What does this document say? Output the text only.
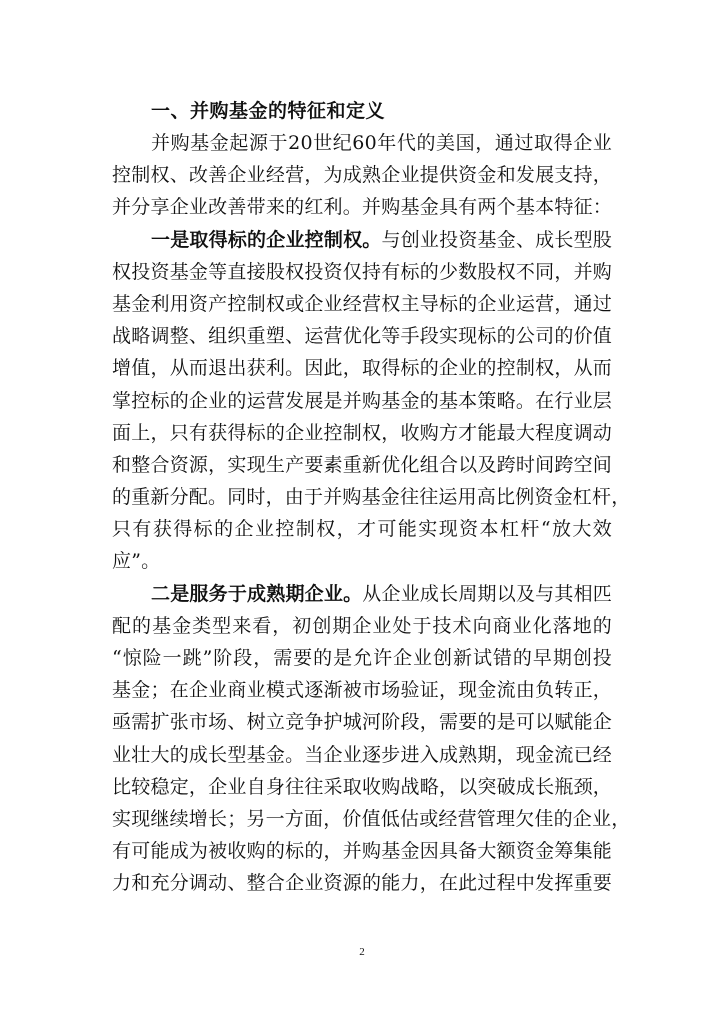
一、并购基金的特征和定义
并购基金起源于20世纪60年代的美国，通过取得企业
控制权、改善企业经营，为成熟企业提供资金和发展支持，
并分享企业改善带来的红利。并购基金具有两个基本特征：
一是取得标的企业控制权。与创业投资基金、成长型股
权投资基金等直接股权投资仅持有标的少数股权不同，并购
基金利用资产控制权或企业经营权主导标的企业运营，通过
战略调整、组织重塑、运营优化等手段实现标的公司的价值
增值，从而退出获利。因此，取得标的企业的控制权，从而
掌控标的企业的运营发展是并购基金的基本策略。在行业层
面上，只有获得标的企业控制权，收购方才能最大程度调动
和整合资源，实现生产要素重新优化组合以及跨时间跨空间
的重新分配。同时，由于并购基金往往运用高比例资金杠杆，
只有获得标的企业控制权，才可能实现资本杠杆“放大效
应”。
二是服务于成熟期企业。从企业成长周期以及与其相匹
配的基金类型来看，初创期企业处于技术向商业化落地的
“惊险一跳”阶段，需要的是允许企业创新试错的早期创投
基金；在企业商业模式逐渐被市场验证，现金流由负转正，
亟需扩张市场、树立竞争护城河阶段，需要的是可以赋能企
业壮大的成长型基金。当企业逐步进入成熟期，现金流已经
比较稳定，企业自身往往采取收购战略，以突破成长瓶颈，
实现继续增长；另一方面，价值低估或经营管理欠佳的企业，
有可能成为被收购的标的，并购基金因具备大额资金筹集能
力和充分调动、整合企业资源的能力，在此过程中发挥重要
2
